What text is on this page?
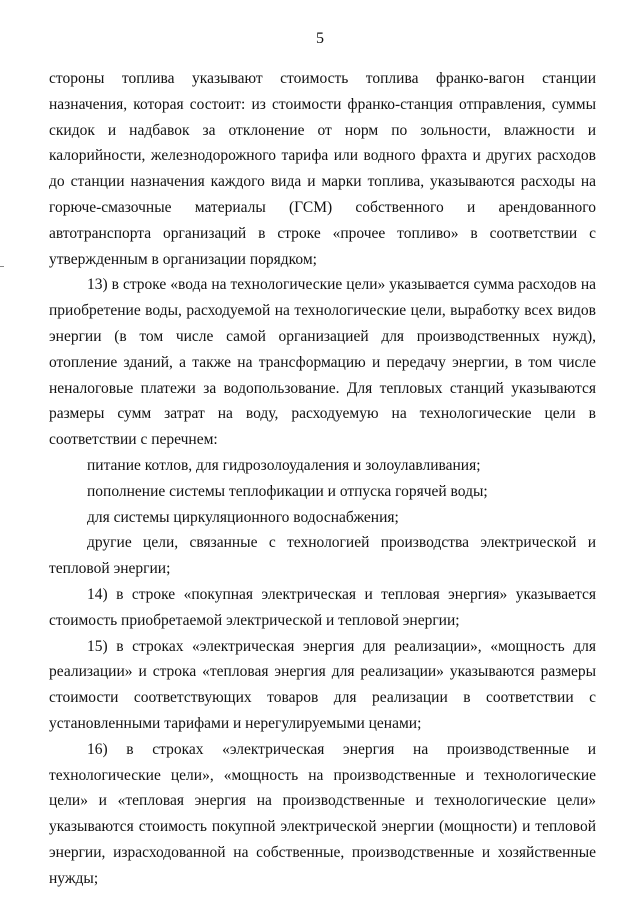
5

стороны топлива указывают стоимость топлива франко-вагон станции назначения, которая состоит: из стоимости франко-станция отправления, суммы скидок и надбавок за отклонение от норм по зольности, влажности и калорийности, железнодорожного тарифа или водного фрахта и других расходов до станции назначения каждого вида и марки топлива, указываются расходы на горюче-смазочные материалы (ГСМ) собственного и арендованного автотранспорта организаций в строке «прочее топливо» в соответствии с утвержденным в организации порядком;

13) в строке «вода на технологические цели» указывается сумма расходов на приобретение воды, расходуемой на технологические цели, выработку всех видов энергии (в том числе самой организацией для производственных нужд), отопление зданий, а также на трансформацию и передачу энергии, в том числе неналоговые платежи за водопользование. Для тепловых станций указываются размеры сумм затрат на воду, расходуемую на технологические цели в соответствии с перечнем:

питание котлов, для гидрозолоудаления и золоулавливания;

пополнение системы теплофикации и отпуска горячей воды;

для системы циркуляционного водоснабжения;

другие цели, связанные с технологией производства электрической и тепловой энергии;

14) в строке «покупная электрическая и тепловая энергия» указывается стоимость приобретаемой электрической и тепловой энергии;

15) в строках «электрическая энергия для реализации», «мощность для реализации» и строка «тепловая энергия для реализации» указываются размеры стоимости соответствующих товаров для реализации в соответствии с установленными тарифами и нерегулируемыми ценами;

16) в строках «электрическая энергия на производственные и технологические цели», «мощность на производственные и технологические цели» и «тепловая энергия на производственные и технологические цели» указываются стоимость покупной электрической энергии (мощности) и тепловой энергии, израсходованной на собственные, производственные и хозяйственные нужды;
